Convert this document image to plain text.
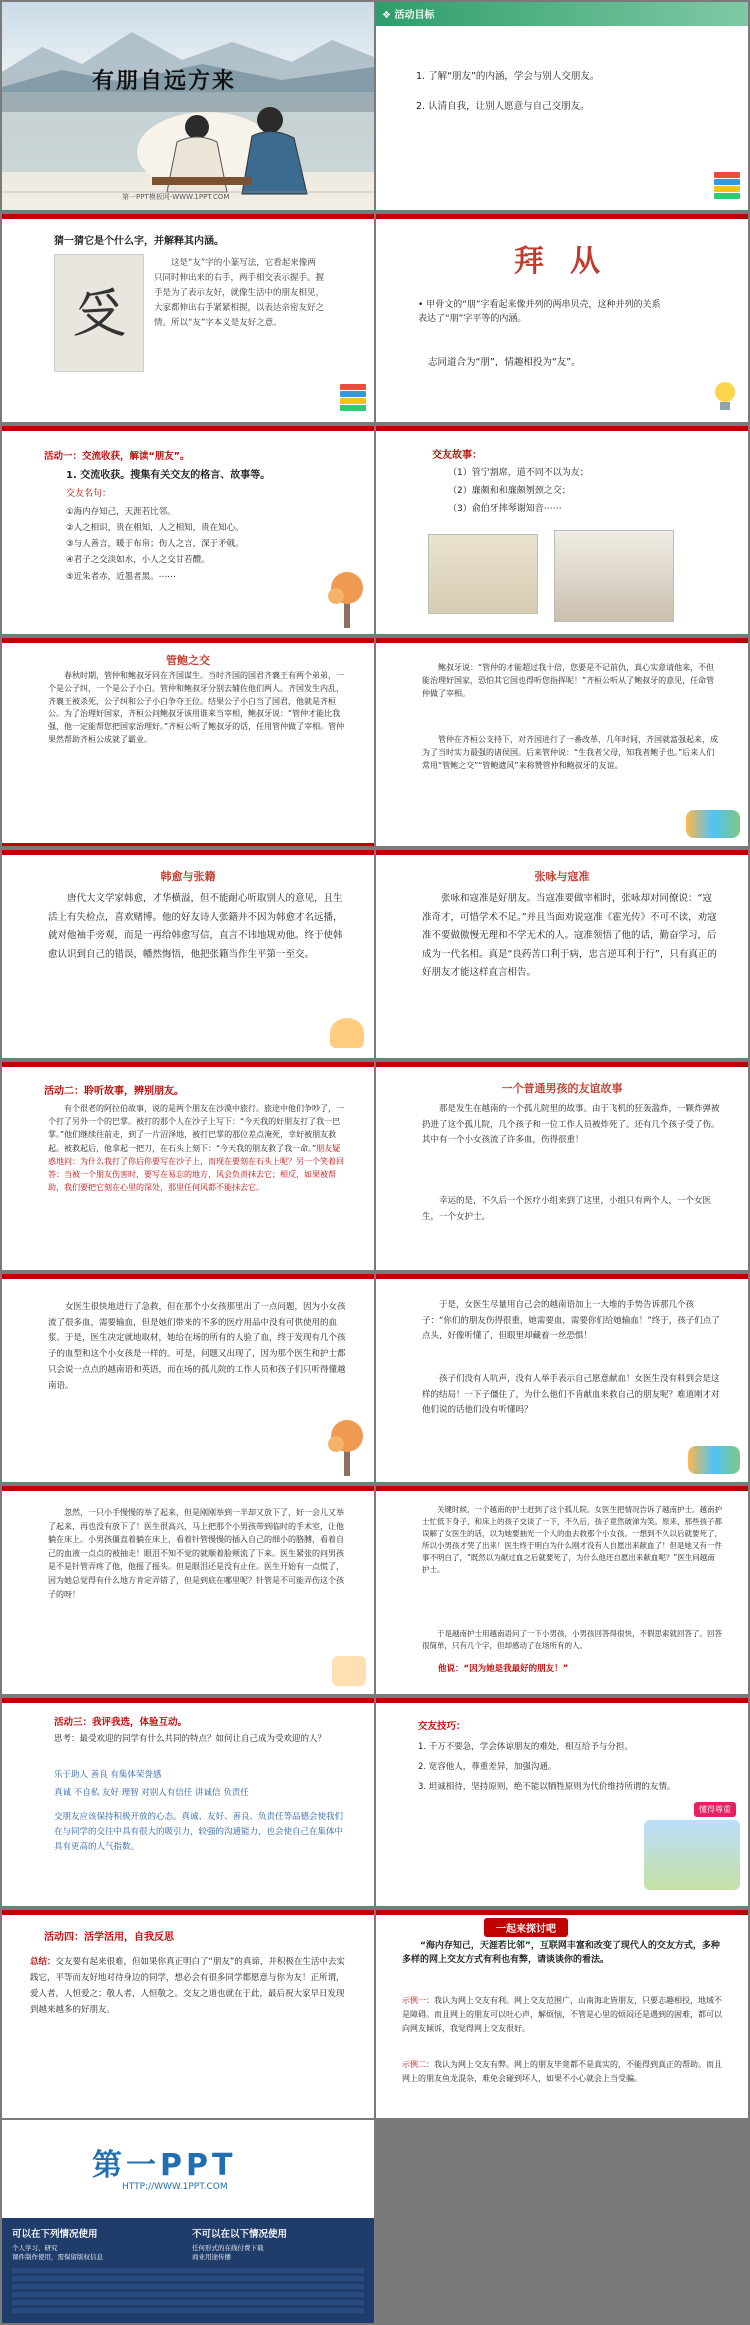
有朋自远方来
第一PPT模板网-WWW.1PPT.COM
❖ 活动目标
1. 了解“朋友”的内涵，学会与别人交朋友。
2. 认清自我，让别人愿意与自己交朋友。
猜一猜它是个什么字，并解释其内涵。
𠬪
这是“友”字的小篆写法，它看起来像两只同时伸出来的右手，两手相交表示握手。握手是为了表示友好，就像生活中的朋友相见，大家都伸出右手紧紧相握，以表达亲密友好之情。所以“友”字本义是友好之意。
拜 从
• 甲骨文的“朋”字看起来像并列的两串贝壳，这种并列的关系表达了“朋”字平等的内涵。
志同道合为“朋”，情趣相投为“友”。
活动一：交流收获，解读“朋友”。
1. 交流收获。搜集有关交友的格言、故事等。
交友名句：
①海内存知己，天涯若比邻。
②人之相识，贵在相知，人之相知，贵在知心。
③与人善言，暖于布帛；伤人之言，深于矛戟。
④君子之交淡如水，小人之交甘若醴。
⑤近朱者赤，近墨者黑。⋯⋯
交友故事：
（1）管宁割席，道不同不以为友；
（2）廉颇和和廉颇刎颈之交；
（3）俞伯牙摔琴谢知音⋯⋯
管鲍之交
春秋时期，管仲和鲍叔牙同在齐国谋生。当时齐国的国君齐襄王有两个弟弟，一个是公子纠，一个是公子小白。管仲和鲍叔牙分别去辅佐他们两人。齐国发生内乱，齐襄王被杀死，公子纠和公子小白争夺王位。结果公子小白当了国君，他就是齐桓公。为了治理好国家，齐桓公问鲍叔牙该用谁来当宰相，鲍叔牙说：“管仲才能比我强，他一定能帮您把国家治理好。”齐桓公听了鲍叔牙的话，任用管仲做了宰相。管仲果然帮助齐桓公成就了霸业。
鲍叔牙说：“管仲的才能超过我十倍，您要是不记前仇，真心实意请他来，不但能治理好国家，恐怕其它国也得听您指挥呢！”齐桓公听从了鲍叔牙的意见，任命管仲做了宰相。
管仲在齐桓公支持下，对齐国进行了一番改革，几年时间，齐国就富强起来，成为了当时实力最强的诸侯国。后来管仲说：“生我者父母，知我者鲍子也。”后来人们常用“管鲍之交”“管鲍遗风”来称赞管仲和鲍叔牙的友谊。
韩愈与张籍
唐代大文学家韩愈，才华横溢，但不能耐心听取别人的意见，且生活上有失检点，喜欢赌博。他的好友诗人张籍并不因为韩愈才名远播，就对他袖手旁观，而是一再给韩愈写信，直言不讳地规劝他。终于使韩愈认识到自己的错误，幡然悔悟，他把张籍当作生平第一至交。
张咏与寇准
张咏和寇准是好朋友。当寇准要做宰相时，张咏却对同僚说：“寇准奇才，可惜学术不足。”并且当面劝说寇准《霍光传》不可不读，劝寇准不要做傲慢无理和不学无术的人。寇准领悟了他的话，勤奋学习，后成为一代名相。真是“良药苦口利于病，忠言逆耳利于行”，只有真正的好朋友才能这样直言相告。
活动二：聆听故事，辨别朋友。
有个很老的阿拉伯故事，说的是两个朋友在沙漠中旅行。旅途中他们争吵了，一个打了另外一个的巴掌。被打的那个人在沙子上写下：“今天我的好朋友打了我一巴掌。”他们继续往前走，到了一片沼泽地，被打巴掌的那位差点淹死，幸好被朋友救起。被救起后，他拿起一把刀，在石头上刻下：“今天我的朋友救了我一命。”朋友疑惑地问：为什么我打了你后你要写在沙子上，而现在要刻在石头上呢？另一个笑着回答：当被一个朋友伤害时，要写在易忘的地方，风会负责抹去它；相反，如果被帮助，我们要把它刻在心里的深处，那里任何风都不能抹去它。
一个普通男孩的友谊故事
那是发生在越南的一个孤儿院里的故事。由于飞机的狂轰滥炸，一颗炸弹被扔进了这个孤儿院，几个孩子和一位工作人员被炸死了。还有几个孩子受了伤。其中有一个小女孩流了许多血，伤得很重！
幸运的是，不久后一个医疗小组来到了这里，小组只有两个人，一个女医生，一个女护士。
女医生很快地进行了急救，但在那个小女孩那里出了一点问题，因为小女孩流了很多血，需要输血，但是她们带来的不多的医疗用品中没有可供使用的血浆。于是，医生决定就地取材，她给在场的所有的人验了血，终于发现有几个孩子的血型和这个小女孩是一样的。可是，问题又出现了，因为那个医生和护士都只会说一点点的越南语和英语，而在场的孤儿院的工作人员和孩子们只听得懂越南语。
于是，女医生尽量用自己会的越南语加上一大堆的手势告诉那几个孩子：“你们的朋友伤得很重，她需要血，需要你们给她输血！”终于，孩子们点了点头，好像听懂了，但眼里却藏着一丝恐惧！
孩子们没有人吭声，没有人举手表示自己愿意献血！女医生没有料到会是这样的结局！一下子僵住了，为什么他们不肯献血来救自己的朋友呢？难道刚才对他们说的话他们没有听懂吗？
忽然，一只小手慢慢的举了起来，但是刚刚举到一半却又放下了，好一会儿又举了起来，再也没有放下了！医生很高兴，马上把那个小男孩带到临时的手术室，让他躺在床上。小男孩僵直着躺在床上，看着针管慢慢的插入自己的细小的胳膊，看着自己的血液一点点的被抽走！眼泪不知不觉的就顺着脸颊流了下来。医生紧张的问男孩是不是针管弄疼了他，他摇了摇头。但是眼泪还是没有止住。医生开始有一点慌了，因为她总觉得有什么地方肯定弄错了，但是到底在哪里呢？针管是不可能弄伤这个孩子的呀！
关键时候，一个越南的护士赶到了这个孤儿院。女医生把情况告诉了越南护士。越南护士忙低下身子，和床上的孩子交谈了一下，不久后，孩子竟然破涕为笑。原来，那些孩子都误解了女医生的话，以为她要抽光一个人的血去救那个小女孩。一想到不久以后就要死了，所以小男孩才哭了出来！医生终于明白为什么刚才没有人自愿出来献血了！但是她又有一件事不明白了，“既然以为献过血之后就要死了，为什么他还自愿出来献血呢？”医生问越南护士。
于是越南护士用越南语问了一下小男孩，小男孩回答得很快，不假思索就回答了。回答很简单，只有几个字，但却感动了在场所有的人。
他说：“因为她是我最好的朋友！”
活动三：我评我选，体验互动。
思考：最受欢迎的同学有什么共同的特点？如何让自己成为受欢迎的人？
乐于助人 善良 有集体荣誉感
真诚 不自私 友好 理智 对别人有信任 讲诚信 负责任
交朋友应该保持积极开放的心态。真诚、友好、善良、负责任等品德会使我们在与同学的交往中具有很大的吸引力，较强的沟通能力，也会使自己在集体中具有更高的人气指数。
交友技巧：
1. 千万不要急，学会体谅朋友的难处，相互给予与分担。
2. 宽容他人，尊重差异，加强沟通。
3. 坦诚相待，坚持原则，绝不能以牺牲原则为代价维持所谓的友情。
懂得尊重
活动四：活学活用，自我反思
总结：交友要有起来很难，但如果你真正明白了“朋友”的真谛，并积极在生活中去实践它，平等而友好地对待身边的同学，想必会有很多同学都愿意与你为友！正所谓，爱人者，人恒爱之；敬人者，人恒敬之。交友之道也就在于此，最后祝大家早日发现到越来越多的好朋友。
一起来探讨吧
“海内存知己，天涯若比邻”，互联网丰富和改变了现代人的交友方式，多种多样的网上交友方式有利也有弊，请谈谈你的看法。
示例一：我认为网上交友有利。网上交友范围广，山南海北皆朋友，只要志趣相投，地域不是障碍。而且网上的朋友可以吐心声，解烦恼，不管是心里的烦闷还是遇到的困难，都可以向网友倾诉，我觉得网上交友很好。
示例二：我认为网上交友有弊。网上的朋友毕竟都不是真实的，不能得到真正的帮助。而且网上的朋友鱼龙混杂，难免会碰到坏人，如果不小心就会上当受骗。
第一PPT
HTTP://WWW.1PPT.COM
可以在下列情况使用
个人学习、研究
课件制作使用，需保留版权信息
不可以在以下情况使用
任何形式的在线付费下载
商业用途传播
